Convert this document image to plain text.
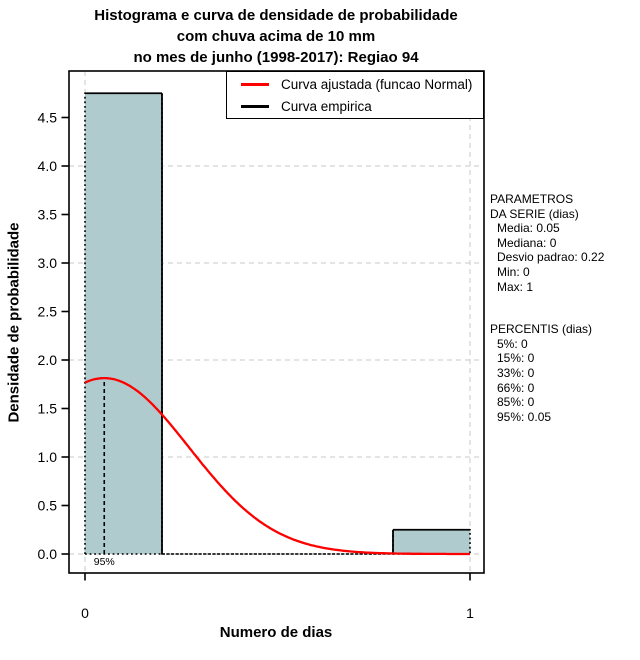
0.0
0.5
1.0
1.5
2.0
2.5
3.0
3.5
4.0
4.5
0	1
Histograma e curva de densidade de probabilidade
com chuva acima de 10 mm
no mes de junho (1998-2017): Regiao 94
Densidade de probabilidade
Numero de dias
Curva ajustada (funcao Normal)
Curva empirica
PARAMETROS
DA SERIE (dias)
Media: 0.05
Mediana: 0
Desvio padrao: 0.22
Min: 0
Max: 1
PERCENTIS (dias)
5%: 0
15%: 0
33%: 0
66%: 0
85%: 0
95%: 0.05
95%
